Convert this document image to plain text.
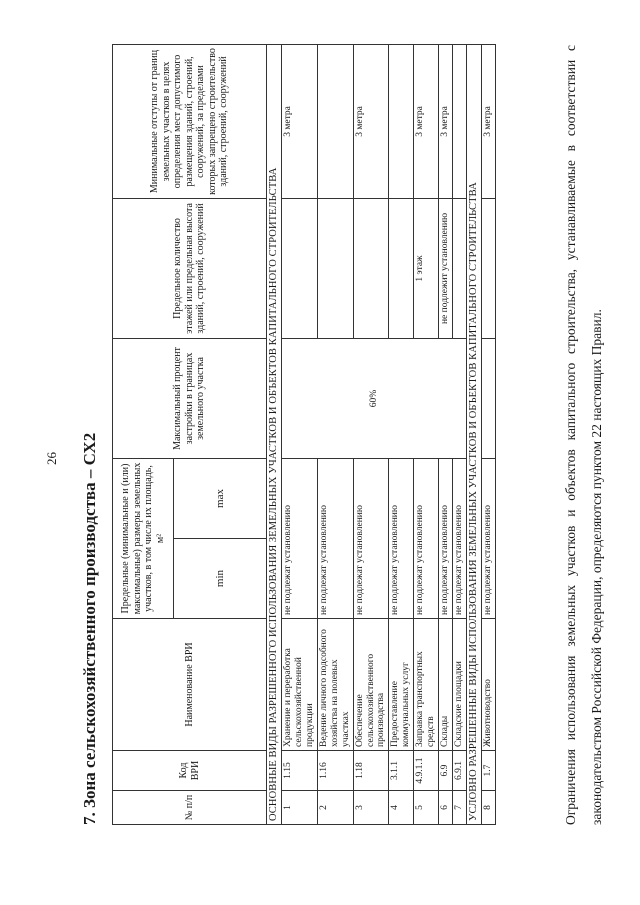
26 7. Зона сельскохозяйственного производства – СХ2	№ п/п	Код ВРИ	Наименование ВРИ	Предельные (минимальные и (или) максимальные) размеры земельных участков, в том числе их площадь, м²		Максимальный процент застройки в границах земельного участка	Предельное количество этажей или предельная высота зданий, строений, сооружений	Минимальные отступы от границ земельных участков в целях определения мест допустимого размещения зданий, строений, сооружений, за пределами которых запрещено строительство зданий, строений, сооружений
			min	max			
ОСНОВНЫЕ ВИДЫ РАЗРЕШЕННОГО ИСПОЛЬЗОВАНИЯ ЗЕМЕЛЬНЫХ УЧАСТКОВ И ОБЪЕКТОВ КАПИТАЛЬНОГО СТРОИТЕЛЬСТВА							
1	1.15	Хранение и переработка сельскохозяйственной продукции	не подлежат установлению		60%		3 метра
2	1.16	Ведение личного подсобного хозяйства на полевых участках	не подлежат установлению				
3	1.18	Обеспечение сельскохозяйственного производства	не подлежат установлению				3 метра
4	3.1.1	Предоставление коммунальных услуг	не подлежат установлению				
5	4.9.1.1	Заправка транспортных средств	не подлежат установлению			1 этаж	3 метра
6	6.9	Склады	не подлежат установлению			не подлежит установлению	3 метра
7	6.9.1	Складские площадки	не подлежат установлению				
УСЛОВНО РАЗРЕШЕННЫЕ ВИДЫ ИСПОЛЬЗОВАНИЯ ЗЕМЕЛЬНЫХ УЧАСТКОВ И ОБЪЕКТОВ КАПИТАЛЬНОГО СТРОИТЕЛЬСТВА							
8	1.7	Животноводство	не подлежат установлению				3 метра	Ограничения использования земельных участков и объектов капитального строительства, устанавливаемые в соответствии с законодательством Российской Федерации, определяются пунктом 22 настоящих Правил.
